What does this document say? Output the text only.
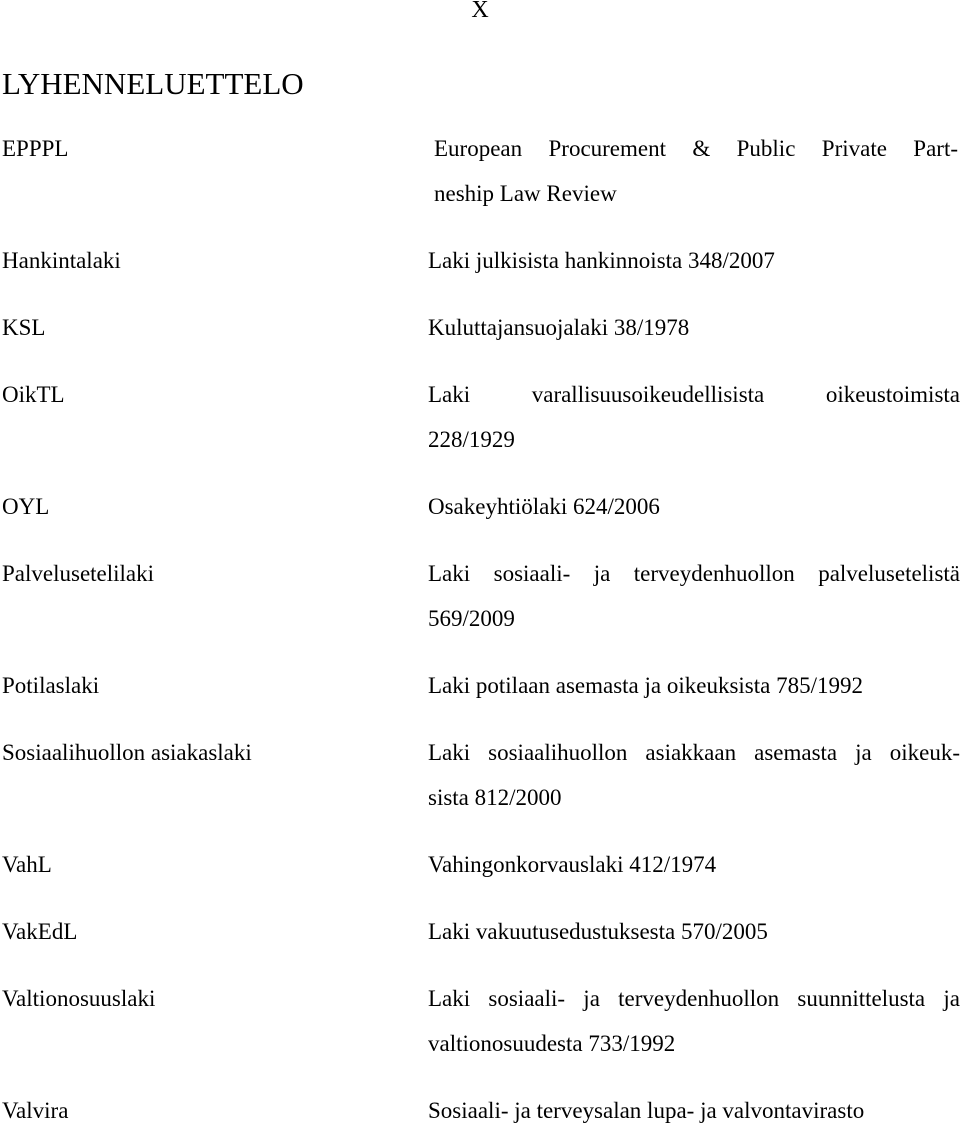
X
LYHENNELUETTELO
EPPPL	European Procurement & Public Private Part-
neship Law Review
Hankintalaki	Laki julkisista hankinnoista 348/2007
KSL	Kuluttajansuojalaki 38/1978
OikTL	Laki varallisuusoikeudellisista oikeustoimista
228/1929
OYL	Osakeyhtiölaki 624/2006
Palvelusetelilaki	Laki sosiaali- ja terveydenhuollon palvelusetelistä
569/2009
Potilaslaki	Laki potilaan asemasta ja oikeuksista 785/1992
Sosiaalihuollon asiakaslaki	Laki sosiaalihuollon asiakkaan asemasta ja oikeuk-
sista 812/2000
VahL	Vahingonkorvauslaki 412/1974
VakEdL	Laki vakuutusedustuksesta 570/2005
Valtionosuuslaki	Laki sosiaali- ja terveydenhuollon suunnittelusta ja
valtionosuudesta 733/1992
Valvira	Sosiaali- ja terveysalan lupa- ja valvontavirasto
